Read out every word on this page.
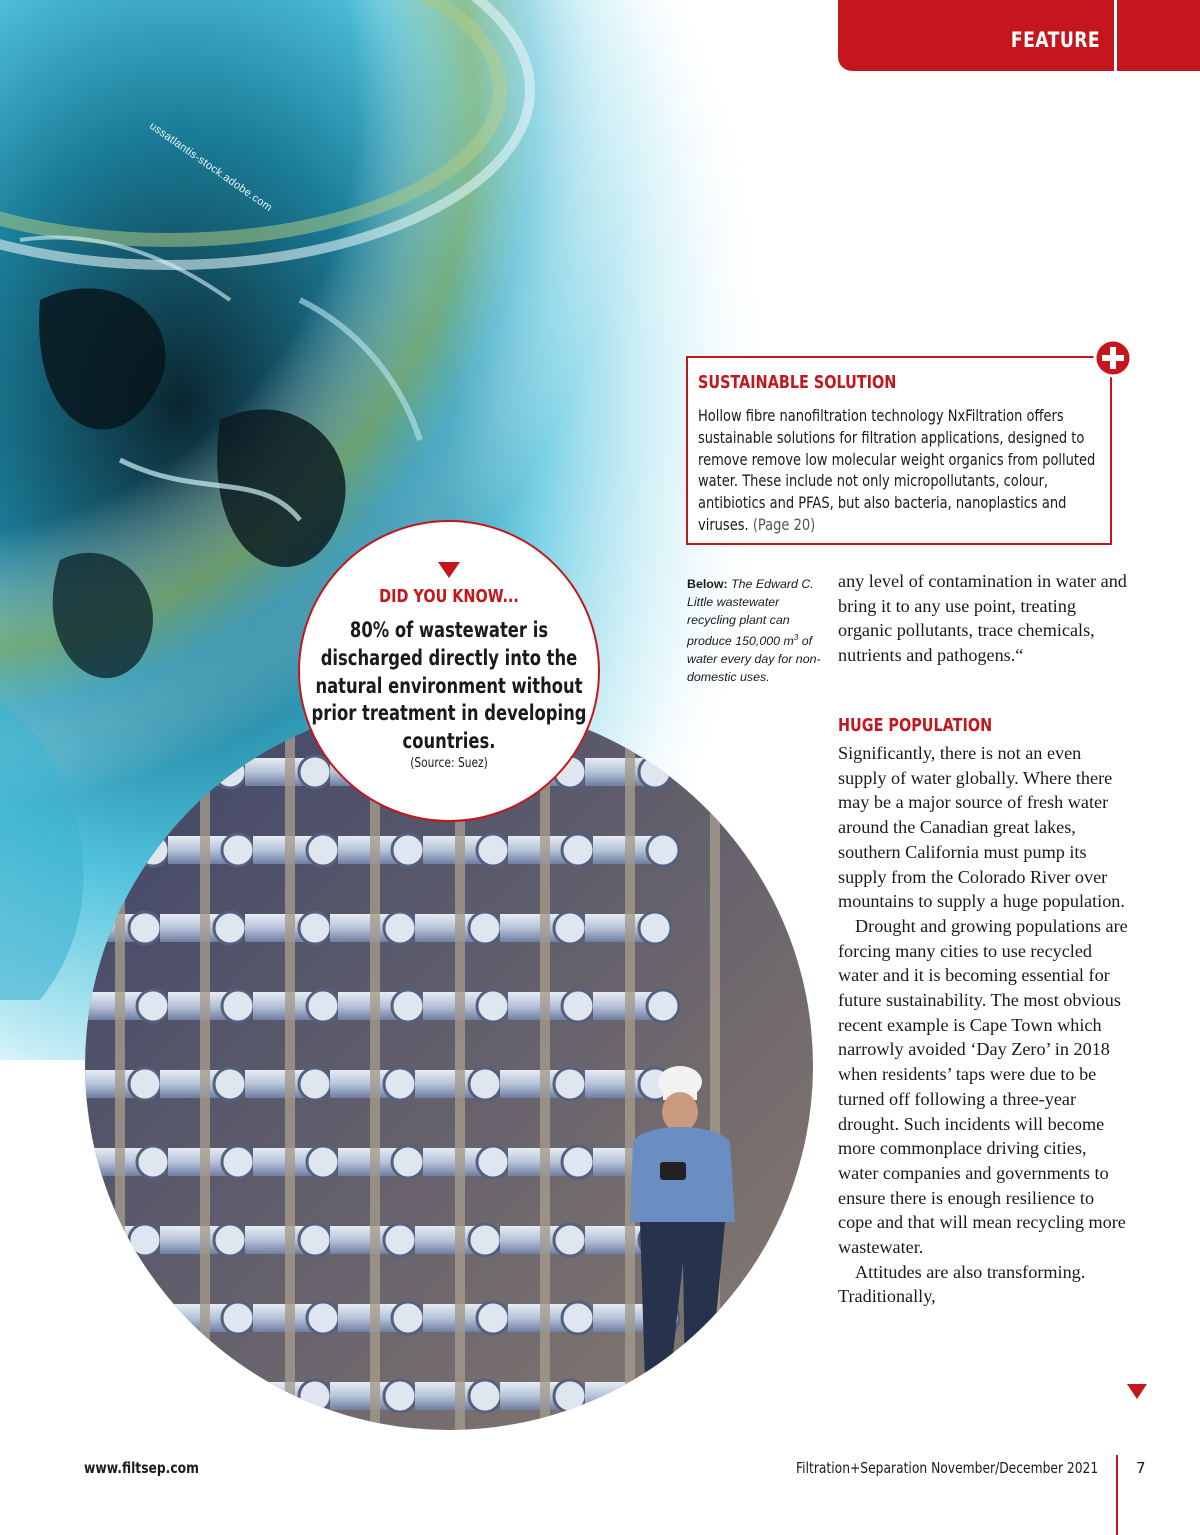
ussatlantis-stock.adobe.com
FEATURE
SUSTAINABLE SOLUTION
Hollow fibre nanofiltration technology NxFiltration offers sustainable solutions for filtration applications, designed to remove remove low molecular weight organics from polluted water. These include not only micropollutants, colour, antibiotics and PFAS, but also bacteria, nanoplastics and viruses. (Page 20)
DID YOU KNOW...
80% of wastewater is discharged directly into the natural environment without prior treatment in developing countries.
(Source: Suez)
Below: The Edward C. Little wastewater recycling plant can produce 150,000 $m^3$ of water every day for non-domestic uses.
any level of contamination in water and bring it to any use point, treating organic pollutants, trace chemicals, nutrients and pathogens.“
HUGE POPULATION
Significantly, there is not an even supply of water globally. Where there may be a major source of fresh water around the Canadian great lakes, southern California must pump its supply from the Colorado River over mountains to supply a huge population.
Drought and growing populations are forcing many cities to use recycled water and it is becoming essential for future sustainability. The most obvious recent example is Cape Town which narrowly avoided ‘Day Zero’ in 2018 when residents’ taps were due to be turned off following a three-year drought. Such incidents will become more commonplace driving cities, water companies and governments to ensure there is enough resilience to cope and that will mean recycling more wastewater.
Attitudes are also transforming. Traditionally,
www.filtsep.com	Filtration+Separation November/December 2021	7
